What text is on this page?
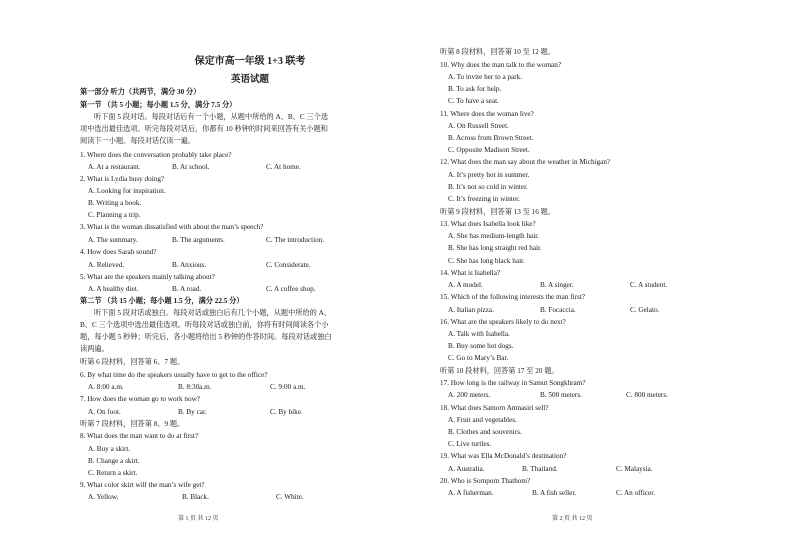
保定市高一年级 1+3 联考
英语试题
第一部分 听力（共两节，满分 30 分）
第一节 （共 5 小题；每小题 1.5 分，满分 7.5 分）
听下面 5 段对话。每段对话后有一个小题，从题中所给的 A、B、C 三个选
项中选出最佳选项。听完每段对话后，你都有 10 秒钟的时间来回答有关小题和
阅读下一小题。每段对话仅读一遍。
1. Where does the conversation probably take place?
A. At a restaurant.	B. At school.	C. At home.
2. What is Lydia busy doing?
A. Looking for inspiration.
B. Writing a book.
C. Planning a trip.
3. What is the woman dissatisfied with about the man’s speech?
A. The summary.	B. The arguments.	C. The introduction.
4. How does Sarah sound?
A. Relieved.	B. Anxious.	C. Considerate.
5. What are the speakers mainly talking about?
A. A healthy diet.	B. A road.	C. A coffee shop.
第二节 （共 15 小题；每小题 1.5 分，满分 22.5 分）
听下面 5 段对话或独白。每段对话或独白后有几个小题，从题中所给的 A、
B、C 三个选项中选出最佳选项。听每段对话或独白前，你将有时间阅读各个小
题，每小题 5 秒钟；听完后，各小题将给出 5 秒钟的作答时间。每段对话或独白
读两遍。
听第 6 段材料，回答第 6、7 题。
6. By what time do the speakers usually have to get to the office?
A. 8:00 a.m.	B. 8:30a.m.	C. 9:00 a.m.
7. How does the woman go to work now?
A. On foot.	B. By car.	C. By bike.
听第 7 段材料，回答第 8、9 题。
8. What does the man want to do at first?
A. Buy a skirt.
B. Change a skirt.
C. Return a skirt.
9. What color skirt will the man’s wife get?
A. Yellow.	B. Black.	C. White.
第 1 页 共 12 页
听第 8 段材料，回答第 10 至 12 题。
10. Why does the man talk to the woman?
A. To invite her to a park.
B. To ask for help.
C. To have a seat.
11. Where does the woman live?
A. On Russell Street.
B. Across from Brown Street.
C. Opposite Madison Street.
12. What does the man say about the weather in Michigan?
A. It’s pretty hot in summer.
B. It’s not so cold in winter.
C. It’s freezing in winter.
听第 9 段材料，回答第 13 至 16 题。
13. What does Isabella look like?
A. She has medium-length hair.
B. She has long straight red hair.
C. She has long black hair.
14. What is Isabella?
A. A model.	B. A singer.	C. A student.
15. Which of the following interests the man first?
A. Italian pizza.	B. Focaccia.	C. Gelato.
16. What are the speakers likely to do next?
A. Talk with Isabella.
B. Buy some hot dogs.
C. Go to Mary’s Bar.
听第 10 段材料，回答第 17 至 20 题。
17. How long is the railway in Samut Songkhram?
A. 200 meters.	B. 500 meters.	C. 800 meters.
18. What does Samorn Amnasiri sell?
A. Fruit and vegetables.
B. Clothes and souvenirs.
C. Live turtles.
19. What was Ella McDonald’s destination?
A. Australia.	B. Thailand.	C. Malaysia.
20. Who is Somporn Thathom?
A. A fisherman.	B. A fish seller.	C. An officer.
第 2 页 共 12 页
